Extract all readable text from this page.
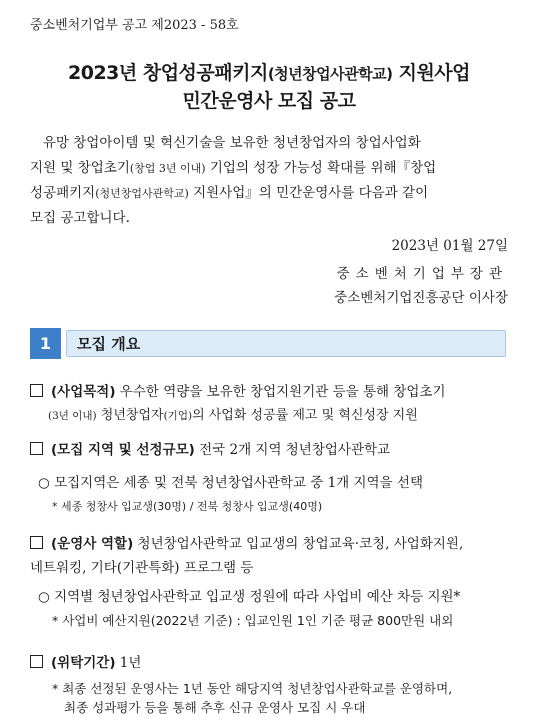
중소벤처기업부 공고 제2023 - 58호
2023년 창업성공패키지(청년창업사관학교) 지원사업
민간운영사 모집 공고
유망 창업아이템 및 혁신기술을 보유한 청년창업자의 창업사업화
지원 및 창업초기(창업 3년 이내) 기업의 성장 가능성 확대를 위해『창업
성공패키지(청년창업사관학교) 지원사업』의 민간운영사를 다음과 같이
모집 공고합니다.
2023년 01월 27일
중소벤처기업부장관
중소벤처기업진흥공단 이사장
1	모집 개요
(사업목적) 우수한 역량을 보유한 창업지원기관 등을 통해 창업초기
(3년 이내) 청년창업자(기업)의 사업화 성공률 제고 및 혁신성장 지원
(모집 지역 및 선정규모) 전국 2개 지역 청년창업사관학교
○ 모집지역은 세종 및 전북 청년창업사관학교 중 1개 지역을 선택
* 세종 청창사 입교생(30명) / 전북 청창사 입교생(40명)
(운영사 역할) 청년창업사관학교 입교생의 창업교육·코칭, 사업화지원,
네트워킹, 기타(기관특화) 프로그램 등
○ 지역별 청년창업사관학교 입교생 정원에 따라 사업비 예산 차등 지원*
* 사업비 예산지원(2022년 기준) : 입교인원 1인 기준 평균 800만원 내외
(위탁기간) 1년
* 최종 선정된 운영사는 1년 동안 해당지역 청년창업사관학교를 운영하며,
최종 성과평가 등을 통해 추후 신규 운영사 모집 시 우대
